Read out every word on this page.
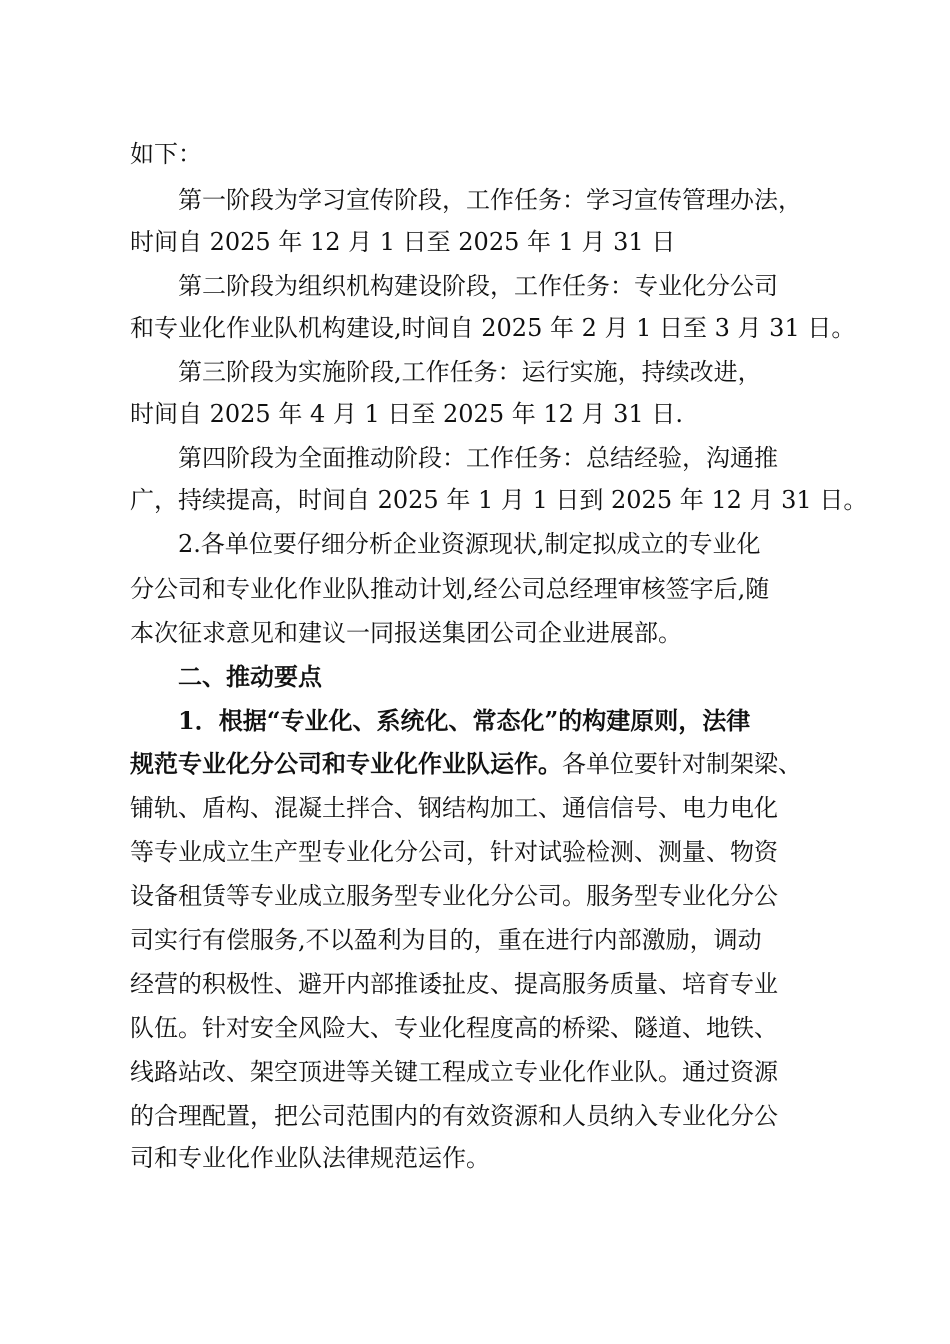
如下：
第一阶段为学习宣传阶段，工作任务：学习宣传管理办法，
时间自 2025 年 12 月 1 日至 2025 年 1 月 31 日
第二阶段为组织机构建设阶段，工作任务：专业化分公司
和专业化作业队机构建设,时间自 2025 年 2 月 1 日至 3 月 31 日。
第三阶段为实施阶段,工作任务：运行实施，持续改进，
时间自 2025 年 4 月 1 日至 2025 年 12 月 31 日.
第四阶段为全面推动阶段：工作任务：总结经验，沟通推
广，持续提高，时间自 2025 年 1 月 1 日到 2025 年 12 月 31 日。
2.各单位要仔细分析企业资源现状,制定拟成立的专业化
分公司和专业化作业队推动计划,经公司总经理审核签字后,随
本次征求意见和建议一同报送集团公司企业进展部。
二、推动要点
1．根据“专业化、系统化、常态化”的构建原则，法律
规范专业化分公司和专业化作业队运作。各单位要针对制架梁、
铺轨、盾构、混凝土拌合、钢结构加工、通信信号、电力电化
等专业成立生产型专业化分公司，针对试验检测、测量、物资
设备租赁等专业成立服务型专业化分公司。服务型专业化分公
司实行有偿服务,不以盈利为目的，重在进行内部激励，调动
经营的积极性、避开内部推诿扯皮、提高服务质量、培育专业
队伍。针对安全风险大、专业化程度高的桥梁、隧道、地铁、
线路站改、架空顶进等关键工程成立专业化作业队。通过资源
的合理配置，把公司范围内的有效资源和人员纳入专业化分公
司和专业化作业队法律规范运作。
